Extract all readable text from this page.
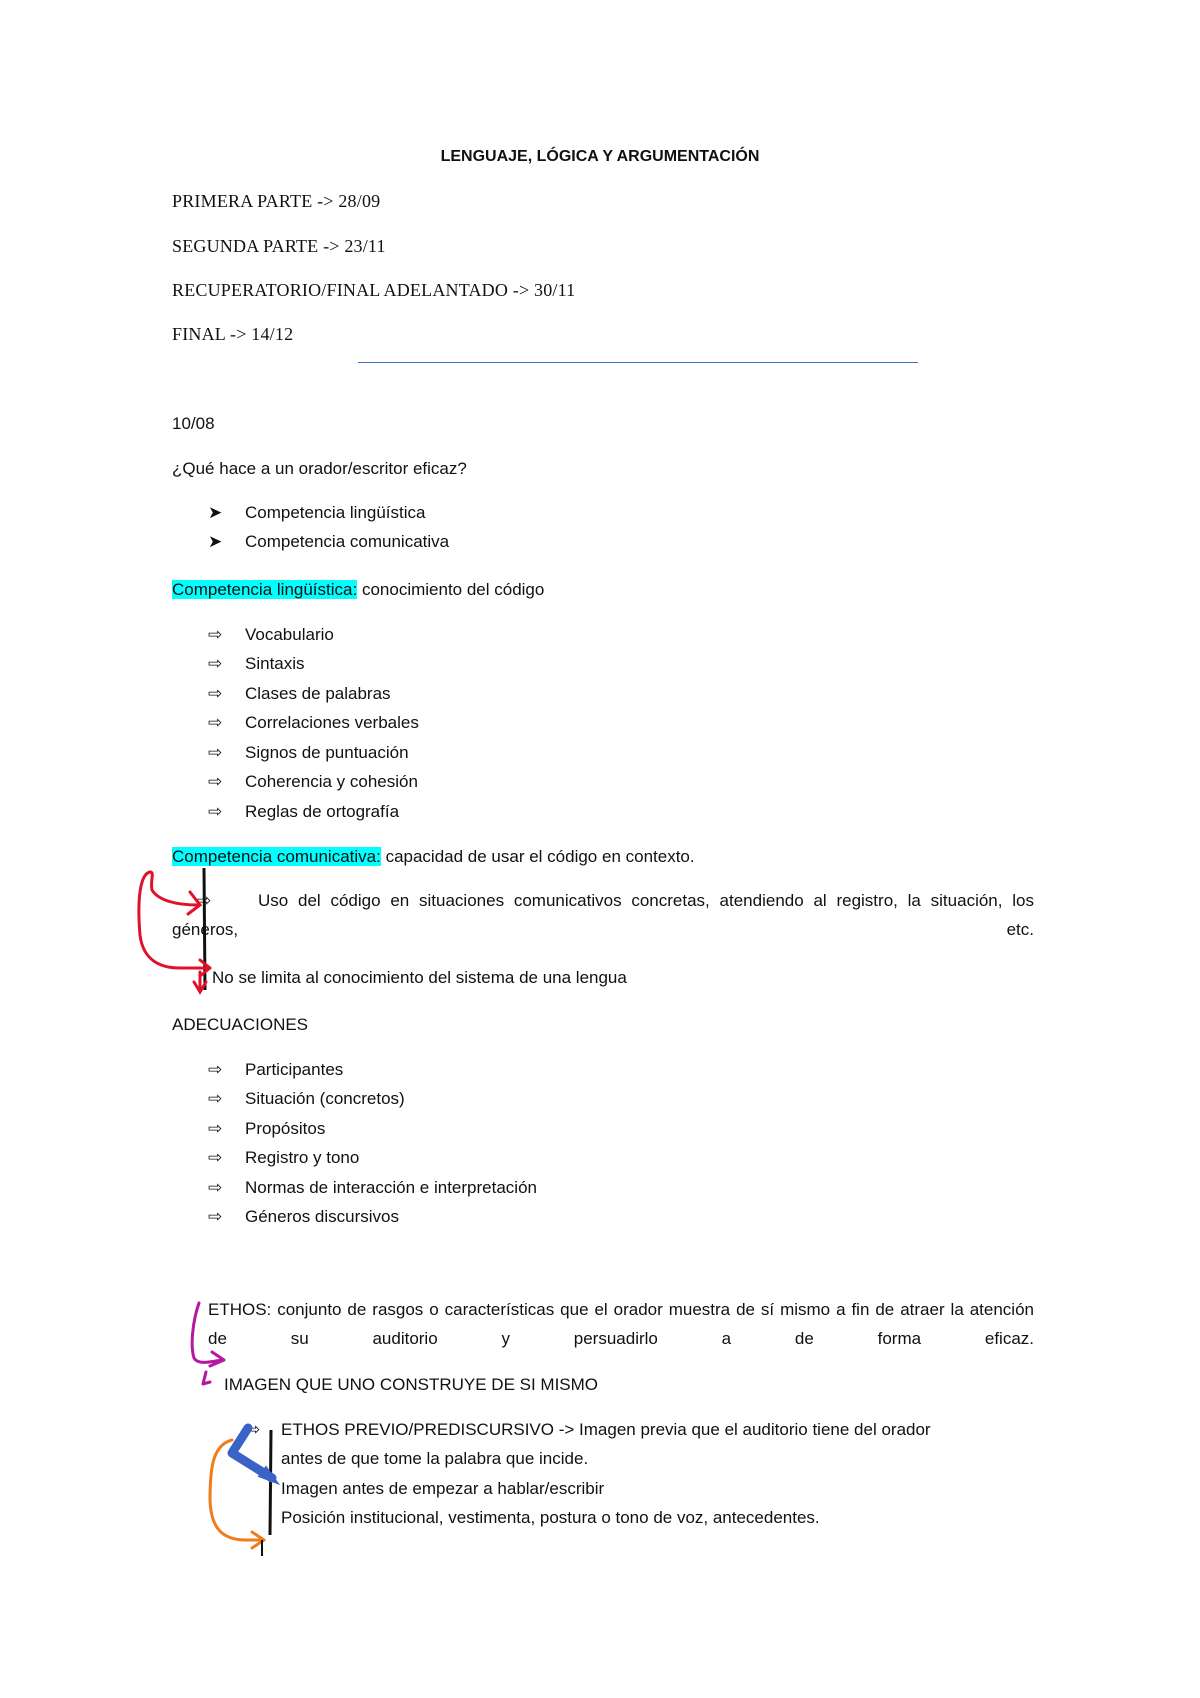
LENGUAJE, LÓGICA Y ARGUMENTACIÓN
PRIMERA PARTE -> 28/09
SEGUNDA PARTE -> 23/11
RECUPERATORIO/FINAL ADELANTADO -> 30/11
FINAL -> 14/12
10/08
¿Qué hace a un orador/escritor eficaz?
➤ Competencia lingüística
➤ Competencia comunicativa
Competencia lingüística: conocimiento del código
⇨ Vocabulario
⇨ Sintaxis
⇨ Clases de palabras
⇨ Correlaciones verbales
⇨ Signos de puntuación
⇨ Coherencia y cohesión
⇨ Reglas de ortografía
Competencia comunicativa: capacidad de usar el código en contexto.
⇨	Uso del código en situaciones comunicativos concretas, atendiendo al registro, la situación, los géneros, etc.
No se limita al conocimiento del sistema de una lengua
ADECUACIONES
⇨ Participantes
⇨ Situación (concretos)
⇨ Propósitos
⇨ Registro y tono
⇨ Normas de interacción e interpretación
⇨ Géneros discursivos
ETHOS: conjunto de rasgos o características que el orador muestra de sí mismo a fin de atraer la atención de su auditorio y persuadirlo a de forma eficaz.
IMAGEN QUE UNO CONSTRUYE DE SI MISMO
⇨ ETHOS PREVIO/PREDISCURSIVO -> Imagen previa que el auditorio tiene del orador
antes de que tome la palabra que incide.
Imagen antes de empezar a hablar/escribir
Posición institucional, vestimenta, postura o tono de voz, antecedentes.
